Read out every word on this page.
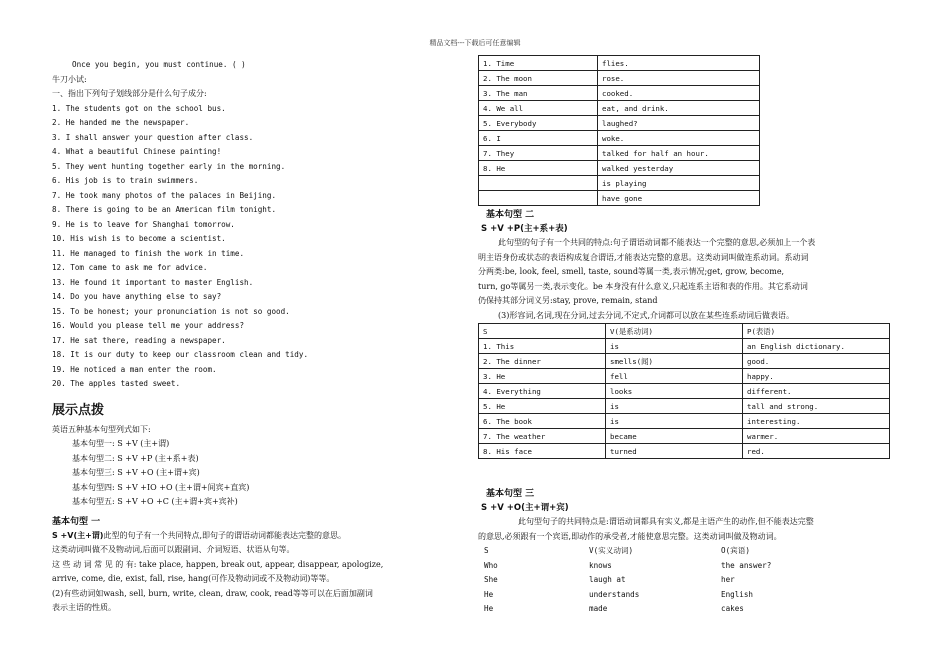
精品文档---下载后可任意编辑

Once you begin, you must continue. ( )

牛刀小试:

一、指出下列句子划线部分是什么句子成分:

1. The students got on the school bus.

2. He handed me the newspaper.

3. I shall answer your question after class.

4. What a beautiful Chinese painting!

5. They went hunting together early in the morning.

6. His job is to train swimmers.

7. He took many photos of the palaces in Beijing.

8. There is going to be an American film tonight.

9. He is to leave for Shanghai tomorrow.

10. His wish is to become a scientist.

11. He managed to finish the work in time.

12. Tom came to ask me for advice.

13. He found it important to master English.

14. Do you have anything else to say?

15. To be honest; your pronunciation is not so good.

16. Would you please tell me your address?

17. He sat there, reading a newspaper.

18. It is our duty to keep our classroom clean and tidy.

19. He noticed a man enter the room.

20. The apples tasted sweet.

展示点拨

英语五种基本句型列式如下:

基本句型一: S +V (主+谓)

基本句型二: S +V +P (主+系+表)

基本句型三: S +V +O (主+谓+宾)

基本句型四: S +V +IO +O (主+谓+间宾+直宾)

基本句型五: S +V +O +C (主+谓+宾+宾补)

基本句型 一

S +V(主+谓)此型的句子有一个共同特点,即句子的谓语动词都能表达完整的意思。

这类动词叫做不及物动词,后面可以跟副词、介词短语、状语从句等。

这 些 动 词 常 见 的 有: take place, happen, break out, appear, disappear, apologize,

arrive, come, die, exist, fall, rise, hang(可作及物动词或不及物动词)等等。

(2)有些动词如wash, sell, burn, write, clean, draw, cook, read等等可以在后面加副词

表示主语的性质。

1. Time	flies.
2. The moon	rose.
3. The man	cooked.
4. We all	eat, and drink.
5. Everybody	laughed?
6. I	woke.
7. They	talked for half an hour.
8. He	walked yesterday
	is playing
	have gone
基本句型 二

S +V +P(主+系+表)

此句型的句子有一个共同的特点:句子谓语动词都不能表达一个完整的意思,必须加上一个表

明主语身份或状态的表语构成复合谓语,才能表达完整的意思。这类动词叫做连系动词。系动词

分两类:be, look, feel, smell, taste, sound等属一类,表示情况;get, grow, become,

turn, go等属另一类,表示变化。be 本身没有什么意义,只起连系主语和表的作用。其它系动词

仍保持其部分词义另:stay, prove, remain, stand

(3)形容词,名词,现在分词,过去分词,不定式,介词都可以放在某些连系动词后做表语。

S	V(是系动词)	P(表语)
1. This	is	an English dictionary.
2. The dinner	smells(闻)	good.
3. He	fell	happy.
4. Everything	looks	different.
5. He	is	tall and strong.
6. The book	is	interesting.
7. The weather	became	warmer.
8. His face	turned	red.
基本句型 三

S +V +O(主+谓+宾)

此句型句子的共同特点是:谓语动词都具有实义,都是主语产生的动作,但不能表达完整

的意思,必须跟有一个宾语,即动作的承受者,才能使意思完整。这类动词叫做及物动词。

S	V(实义动词)	O(宾语)
Who	knows	the answer?
She	laugh at	her
He	understands	English
He	made	cakes
